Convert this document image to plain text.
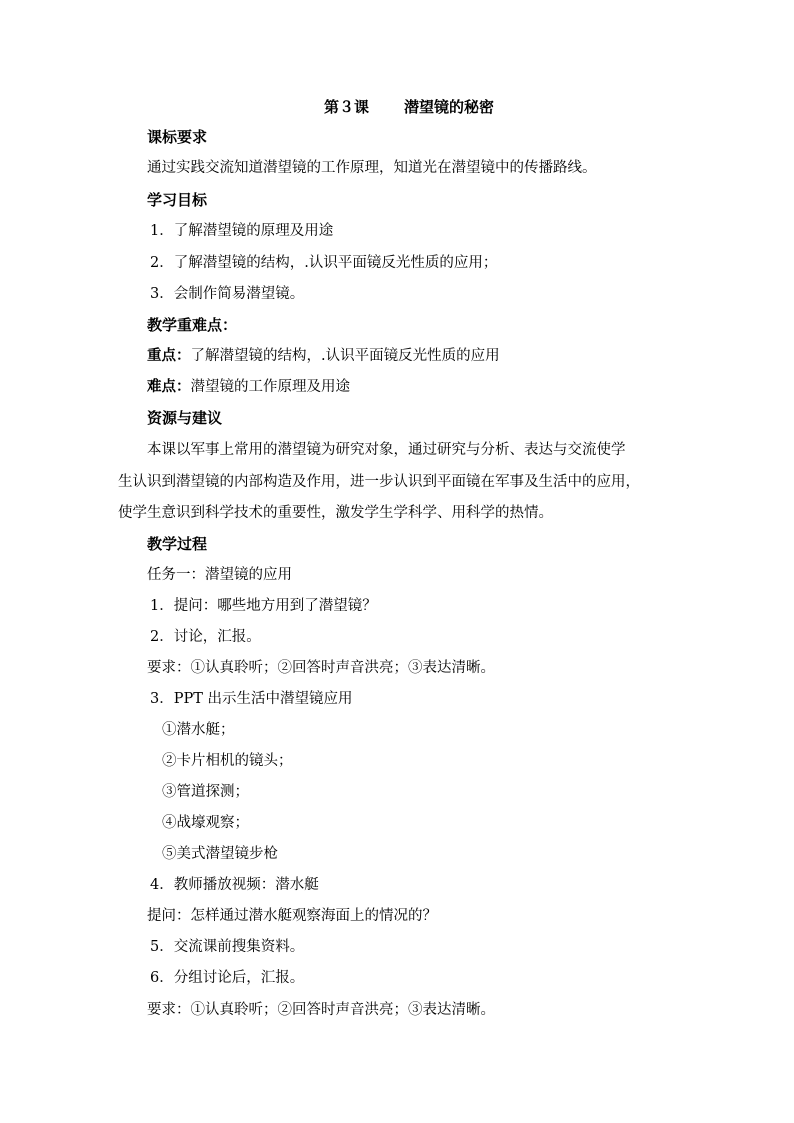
第３课 潜望镜的秘密
课标要求
通过实践交流知道潜望镜的工作原理，知道光在潜望镜中的传播路线。
学习目标
1．了解潜望镜的原理及用途
2．了解潜望镜的结构，.认识平面镜反光性质的应用；
3．会制作简易潜望镜。
教学重难点：
重点：了解潜望镜的结构，.认识平面镜反光性质的应用
难点：潜望镜的工作原理及用途
资源与建议
本课以军事上常用的潜望镜为研究对象，通过研究与分析、表达与交流使学
生认识到潜望镜的内部构造及作用，进一步认识到平面镜在军事及生活中的应用，
使学生意识到科学技术的重要性，激发学生学科学、用科学的热情。
教学过程
任务一：潜望镜的应用
1．提问：哪些地方用到了潜望镜？
2．讨论，汇报。
要求：①认真聆听；②回答时声音洪亮；③表达清晰。
3．PPT 出示生活中潜望镜应用
①潜水艇；
②卡片相机的镜头；
③管道探测；
④战壕观察；
⑤美式潜望镜步枪
4．教师播放视频：潜水艇
提问：怎样通过潜水艇观察海面上的情况的？
5．交流课前搜集资料。
6．分组讨论后，汇报。
要求：①认真聆听；②回答时声音洪亮；③表达清晰。
